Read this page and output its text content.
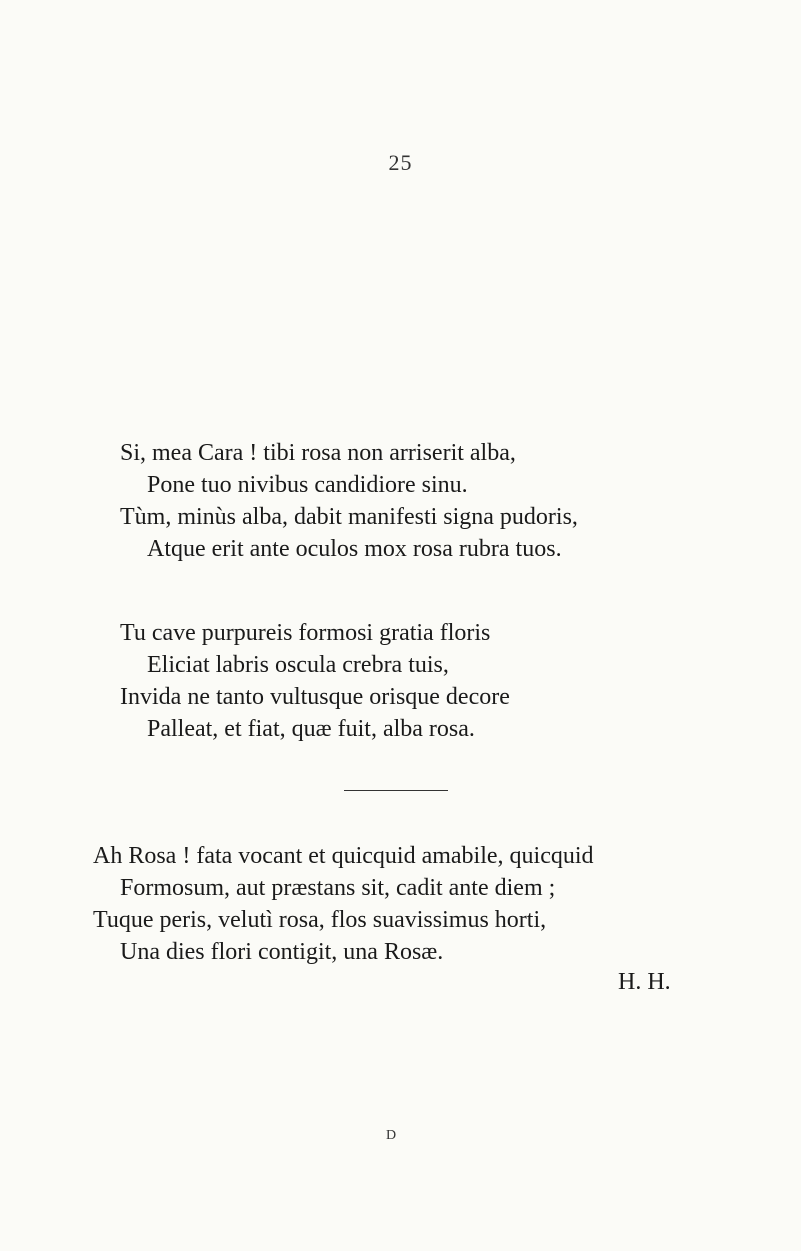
25
Si, mea Cara ! tibi rosa non arriserit alba,
Pone tuo nivibus candidiore sinu.
Tùm, minùs alba, dabit manifesti signa pudoris,
Atque erit ante oculos mox rosa rubra tuos.
Tu cave purpureis formosi gratia floris
Eliciat labris oscula crebra tuis,
Invida ne tanto vultusque orisque decore
Palleat, et fiat, quæ fuit, alba rosa.
Ah Rosa ! fata vocant et quicquid amabile, quicquid
Formosum, aut præstans sit, cadit ante diem ;
Tuque peris, velutì rosa, flos suavissimus horti,
Una dies flori contigit, una Rosæ.
H. H.
D
